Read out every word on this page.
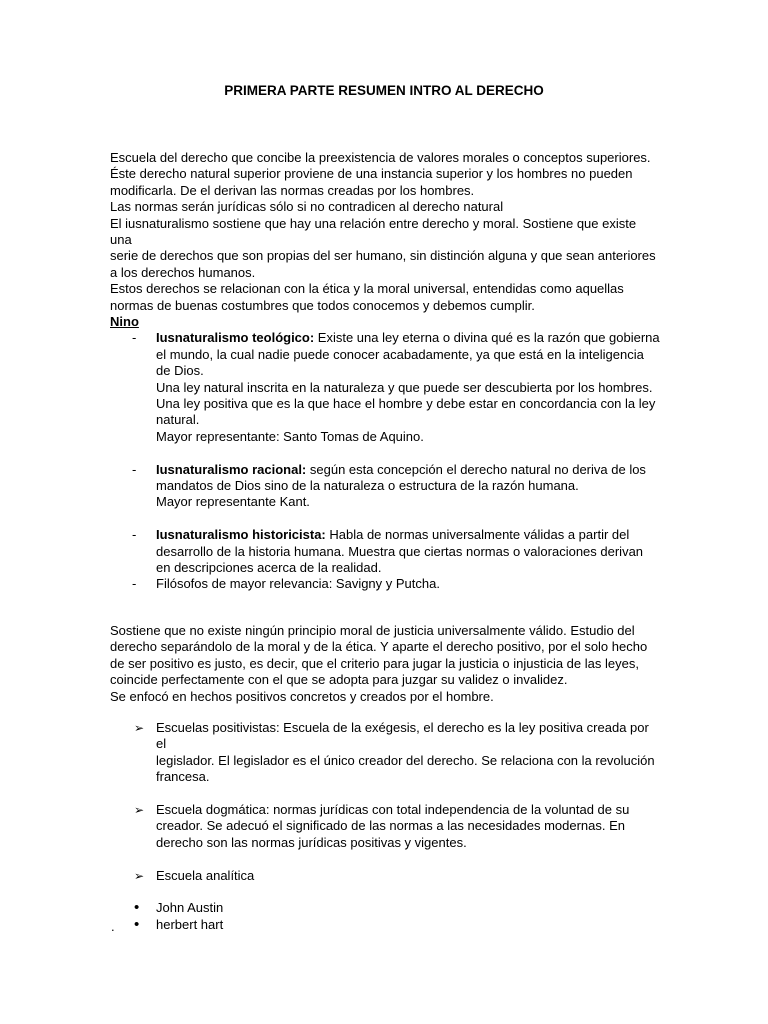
PRIMERA PARTE RESUMEN INTRO AL DERECHO
Escuela del derecho que concibe la preexistencia de valores morales o conceptos superiores.
Éste derecho natural superior proviene de una instancia superior y los hombres no pueden
modificarla. De el derivan las normas creadas por los hombres.
Las normas serán jurídicas sólo si no contradicen al derecho natural
El iusnaturalismo sostiene que hay una relación entre derecho y moral. Sostiene que existe una
serie de derechos que son propias del ser humano, sin distinción alguna y que sean anteriores
a los derechos humanos.
Estos derechos se relacionan con la ética y la moral universal, entendidas como aquellas
normas de buenas costumbres que todos conocemos y debemos cumplir.
Nino
- Iusnaturalismo teológico: Existe una ley eterna o divina qué es la razón que gobierna
el mundo, la cual nadie puede conocer acabadamente, ya que está en la inteligencia
de Dios.
Una ley natural inscrita en la naturaleza y que puede ser descubierta por los hombres.
Una ley positiva que es la que hace el hombre y debe estar en concordancia con la ley
natural.
Mayor representante: Santo Tomas de Aquino.
- Iusnaturalismo racional: según esta concepción el derecho natural no deriva de los
mandatos de Dios sino de la naturaleza o estructura de la razón humana.
Mayor representante Kant.
- Iusnaturalismo historicista: Habla de normas universalmente válidas a partir del
desarrollo de la historia humana. Muestra que ciertas normas o valoraciones derivan
en descripciones acerca de la realidad.
- Filósofos de mayor relevancia: Savigny y Putcha.
Sostiene que no existe ningún principio moral de justicia universalmente válido. Estudio del
derecho separándolo de la moral y de la ética. Y aparte el derecho positivo, por el solo hecho
de ser positivo es justo, es decir, que el criterio para jugar la justicia o injusticia de las leyes,
coincide perfectamente con el que se adopta para juzgar su validez o invalidez.
Se enfocó en hechos positivos concretos y creados por el hombre.
➢ Escuelas positivistas: Escuela de la exégesis, el derecho es la ley positiva creada por el
legislador. El legislador es el único creador del derecho. Se relaciona con la revolución
francesa.
➢ Escuela dogmática: normas jurídicas con total independencia de la voluntad de su
creador. Se adecuó el significado de las normas a las necesidades modernas. En
derecho son las normas jurídicas positivas y vigentes.
➢ Escuela analítica
• John Austin
• herbert hart
.
